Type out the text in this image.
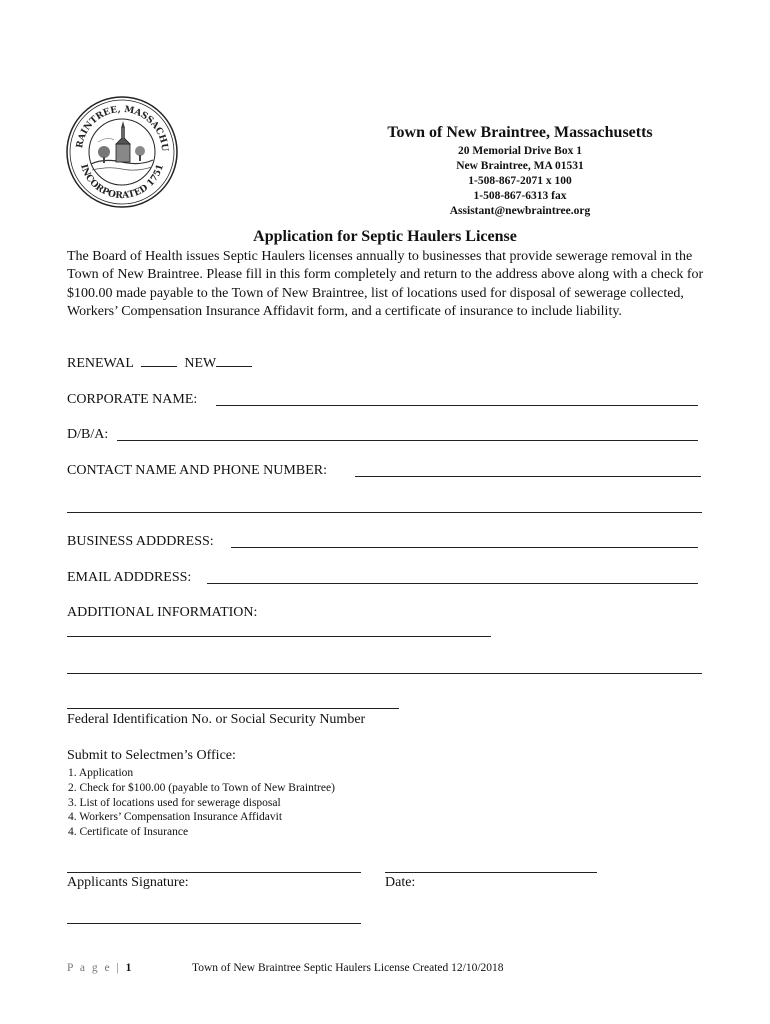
RAINTREE, MASSACHU
INCORPORATED 1751
Town of New Braintree, Massachusetts
20 Memorial Drive Box 1
New Braintree, MA 01531
1-508-867-2071 x 100
1-508-867-6313 fax
Assistant@newbraintree.org
Application for Septic Haulers License
The Board of Health issues Septic Haulers licenses annually to businesses that provide sewerage removal in the Town of New Braintree. Please fill in this form completely and return to the address above along with a check for $100.00 made payable to the Town of New Braintree, list of locations used for disposal of sewerage collected, Workers’ Compensation Insurance Affidavit form, and a certificate of insurance to include liability.
RENEWAL	NEW
CORPORATE NAME:
D/B/A:
CONTACT NAME AND PHONE NUMBER:
BUSINESS ADDDRESS:
EMAIL ADDDRESS:
ADDITIONAL INFORMATION:
Federal Identification No. or Social Security Number
Submit to Selectmen’s Office:
1. Application
2. Check for $100.00 (payable to Town of New Braintree)
3. List of locations used for sewerage disposal
4. Workers’ Compensation Insurance Affidavit
4. Certificate of Insurance
Applicants Signature:	Date:
P a g e | 1	Town of New Braintree Septic Haulers License Created 12/10/2018
